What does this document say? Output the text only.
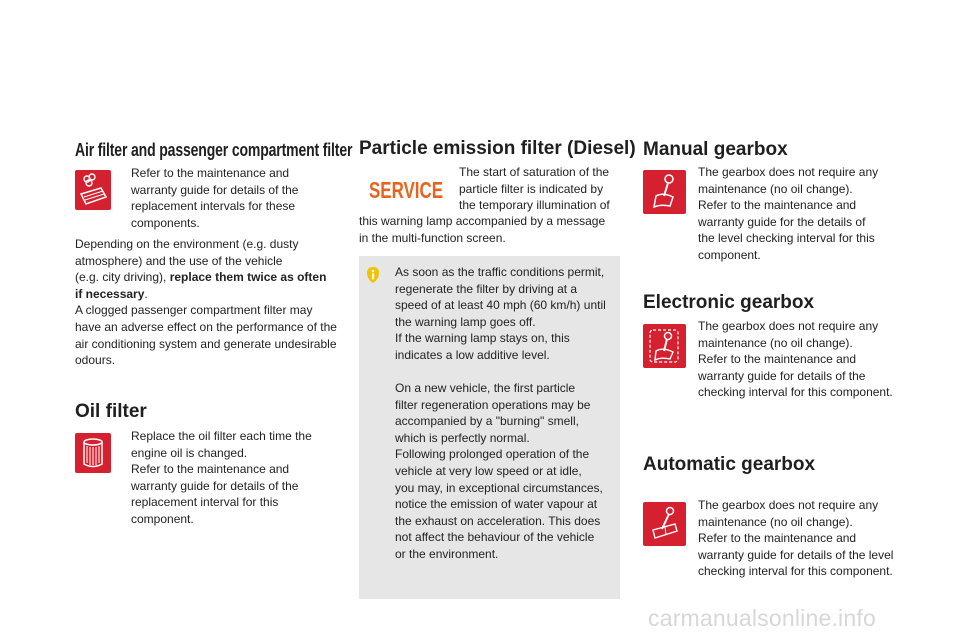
Air filter and passenger compartment filter
Refer to the maintenance and
warranty guide for details of the
replacement intervals for these
components.
Depending on the environment (e.g. dusty
atmosphere) and the use of the vehicle
(e.g. city driving), replace them twice as often
if necessary.
A clogged passenger compartment filter may
have an adverse effect on the performance of the
air conditioning system and generate undesirable
odours.
Oil filter
Replace the oil filter each time the
engine oil is changed.
Refer to the maintenance and
warranty guide for details of the
replacement interval for this
component.
Particle emission filter (Diesel)
SERVICE
The start of saturation of the
particle filter is indicated by
the temporary illumination of
this warning lamp accompanied by a message
in the multi-function screen.
As soon as the traffic conditions permit,
regenerate the filter by driving at a
speed of at least 40 mph (60 km/h) until
the warning lamp goes off.
If the warning lamp stays on, this
indicates a low additive level.
On a new vehicle, the first particle
filter regeneration operations may be
accompanied by a "burning" smell,
which is perfectly normal.
Following prolonged operation of the
vehicle at very low speed or at idle,
you may, in exceptional circumstances,
notice the emission of water vapour at
the exhaust on acceleration. This does
not affect the behaviour of the vehicle
or the environment.
Manual gearbox
The gearbox does not require any
maintenance (no oil change).
Refer to the maintenance and
warranty guide for the details of
the level checking interval for this
component.
Electronic gearbox
The gearbox does not require any
maintenance (no oil change).
Refer to the maintenance and
warranty guide for details of the
checking interval for this component.
Automatic gearbox
The gearbox does not require any
maintenance (no oil change).
Refer to the maintenance and
warranty guide for details of the level
checking interval for this component.
carmanualsonline.info
